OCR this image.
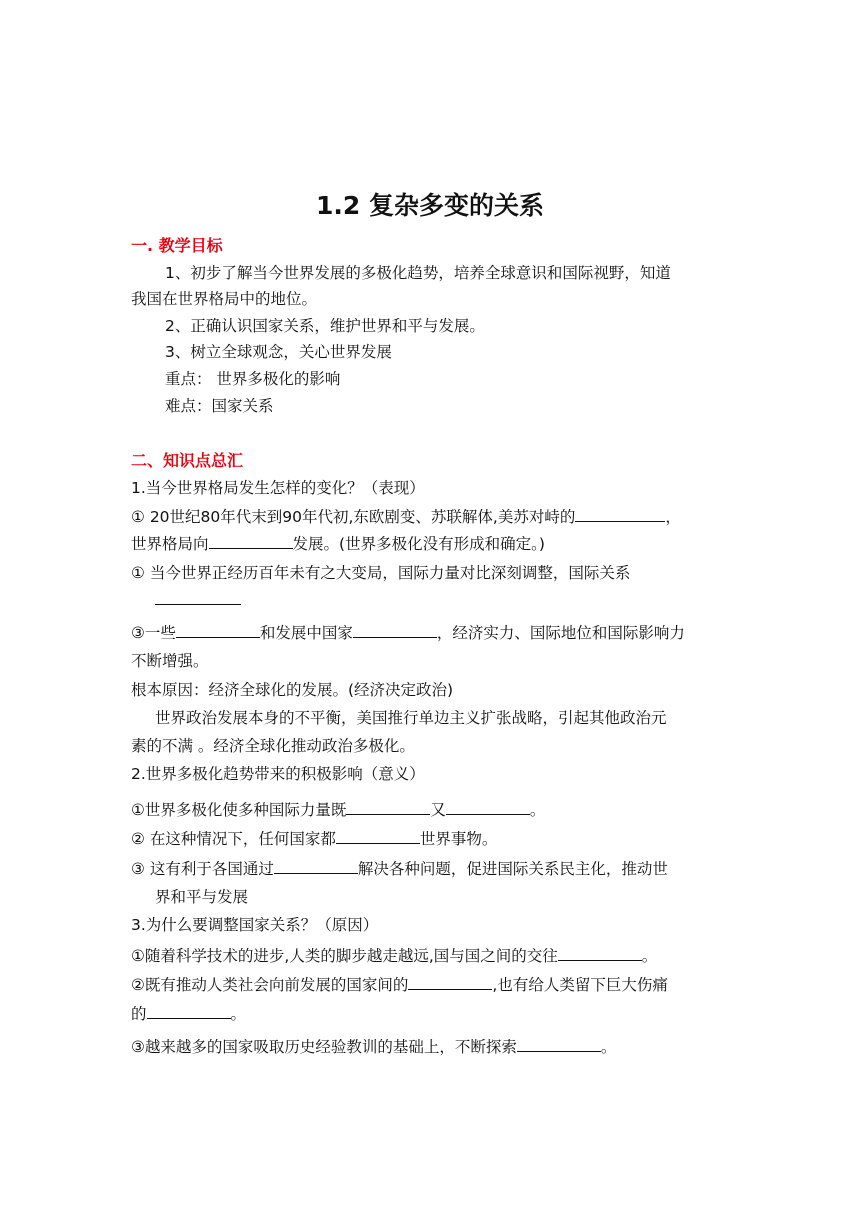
1.2 复杂多变的关系
一. 教学目标
1、初步了解当今世界发展的多极化趋势，培养全球意识和国际视野，知道
我国在世界格局中的地位。
2、正确认识国家关系，维护世界和平与发展。
3、树立全球观念，关心世界发展
重点： 世界多极化的影响
难点：国家关系
二、知识点总汇
1.当今世界格局发生怎样的变化？（表现）
① 20世纪80年代末到90年代初,东欧剧变、苏联解体,美苏对峙的	，
世界格局向	发展。(世界多极化没有形成和确定。)
① 当今世界正经历百年未有之大变局，国际力量对比深刻调整，国际关系
③一些	和发展中国家	，经济实力、国际地位和国际影响力
不断增强。
根本原因：经济全球化的发展。(经济决定政治)
世界政治发展本身的不平衡，美国推行单边主义扩张战略，引起其他政治元
素的不满 。经济全球化推动政治多极化。
2.世界多极化趋势带来的积极影响（意义）
①世界多极化使多种国际力量既	又	。
② 在这种情况下，任何国家都	世界事物。
③ 这有利于各国通过	解决各种问题，促进国际关系民主化，推动世
界和平与发展
3.为什么要调整国家关系？（原因）
①随着科学技术的进步,人类的脚步越走越远,国与国之间的交往	。
②既有推动人类社会向前发展的国家间的	,也有给人类留下巨大伤痛
的	。
③越来越多的国家吸取历史经验教训的基础上，不断探索	。
